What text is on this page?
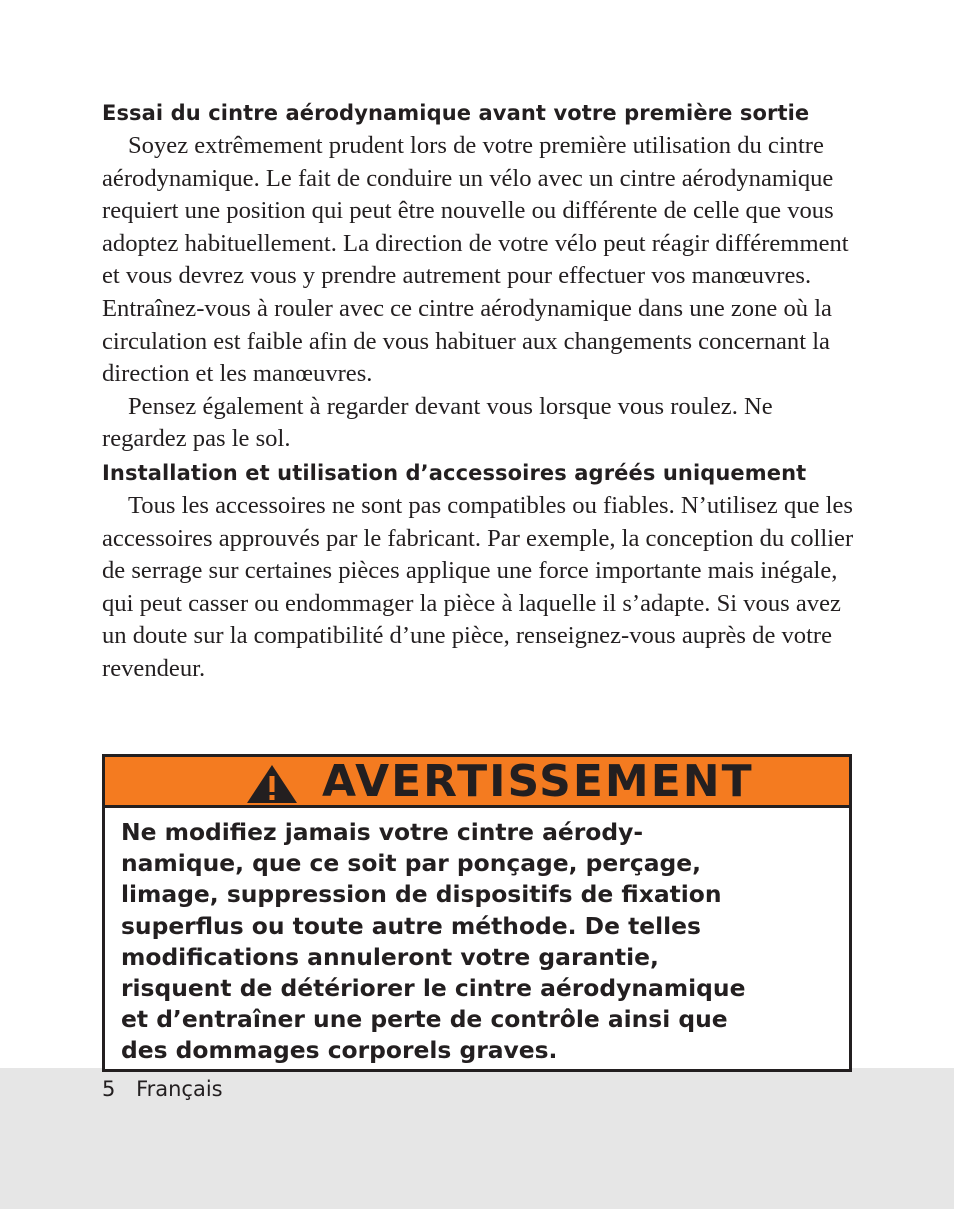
Essai du cintre aérodynamique avant votre première sortie

Soyez extrêmement prudent lors de votre première utilisation du cintre aérodynamique. Le fait de conduire un vélo avec un cintre aérodynamique requiert une position qui peut être nouvelle ou différente de celle que vous adoptez habituellement. La direction de votre vélo peut réagir différemment et vous devrez vous y prendre autrement pour effectuer vos manœuvres. Entraînez-vous à rouler avec ce cintre aérodynamique dans une zone où la circulation est faible afin de vous habituer aux changements concernant la direction et les manœuvres.

Pensez également à regarder devant vous lorsque vous roulez. Ne regardez pas le sol.

Installation et utilisation d’accessoires agréés uniquement

Tous les accessoires ne sont pas compatibles ou fiables. N’utilisez que les accessoires approuvés par le fabricant. Par exemple, la conception du collier de serrage sur certaines pièces applique une force importante mais inégale, qui peut casser ou endommager la pièce à laquelle il s’adapte. Si vous avez un doute sur la compatibilité d’une pièce, renseignez-vous auprès de votre revendeur.

AVERTISSEMENT

Ne modifiez jamais votre cintre aérody-
namique, que ce soit par ponçage, perçage,
limage, suppression de dispositifs de fixation
superflus ou toute autre méthode. De telles
modifications annuleront votre garantie,
risquent de détériorer le cintre aérodynamique
et d’entraîner une perte de contrôle ainsi que
des dommages corporels graves.

5 Français
